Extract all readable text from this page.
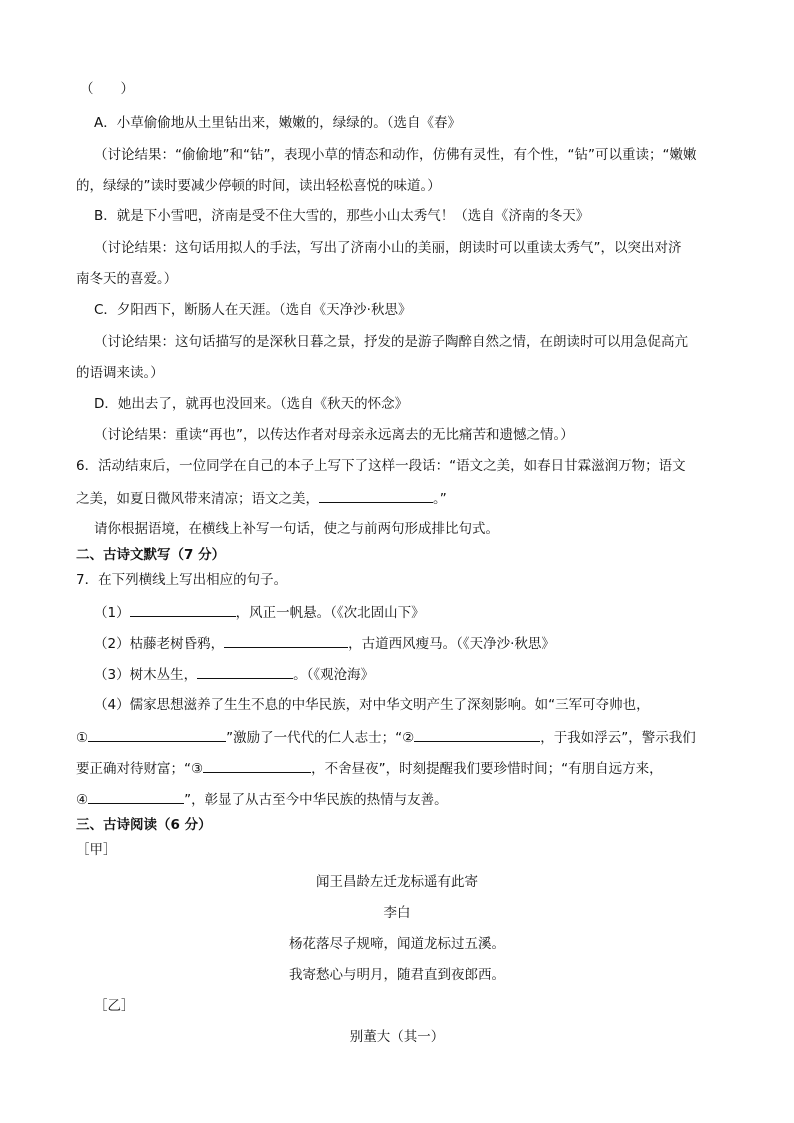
（　　）
A．小草偷偷地从土里钻出来，嫩嫩的，绿绿的。（选自《春》
（讨论结果：“偷偷地”和“钻”，表现小草的情态和动作，仿佛有灵性，有个性，“钻”可以重读；“嫩嫩
的，绿绿的”读时要减少停顿的时间，读出轻松喜悦的味道。）
B．就是下小雪吧，济南是受不住大雪的，那些小山太秀气！（选自《济南的冬天》
（讨论结果：这句话用拟人的手法，写出了济南小山的美丽，朗读时可以重读太秀气”，以突出对济
南冬天的喜爱。）
C．夕阳西下，断肠人在天涯。（选自《天净沙·秋思》
（讨论结果：这句话描写的是深秋日暮之景，抒发的是游子陶醉自然之情，在朗读时可以用急促高亢
的语调来读。）
D．她出去了，就再也没回来。（选自《秋天的怀念》
（讨论结果：重读“再也”，以传达作者对母亲永远离去的无比痛苦和遗憾之情。）
6．活动结束后，一位同学在自己的本子上写下了这样一段话：“语文之美，如春日甘霖滋润万物；语文
之美，如夏日微风带来清凉；语文之美，	。”
请你根据语境，在横线上补写一句话，使之与前两句形成排比句式。
二、古诗文默写（7 分）
7．在下列横线上写出相应的句子。
（1）	，风正一帆悬。（《次北固山下》
（2）枯藤老树昏鸦，	，古道西风瘦马。（《天净沙·秋思》
（3）树木丛生，	。（《观沧海》
（4）儒家思想滋养了生生不息的中华民族，对中华文明产生了深刻影响。如“三军可夺帅也，
①	”激励了一代代的仁人志士；“②	，于我如浮云”，警示我们
要正确对待财富；“③	，不舍昼夜”，时刻提醒我们要珍惜时间；“有朋自远方来，
④	”，彰显了从古至今中华民族的热情与友善。
三、古诗阅读（6 分）
［甲］
闻王昌龄左迁龙标遥有此寄
李白
杨花落尽子规啼，闻道龙标过五溪。
我寄愁心与明月，随君直到夜郎西。
［乙］
别董大（其一）
